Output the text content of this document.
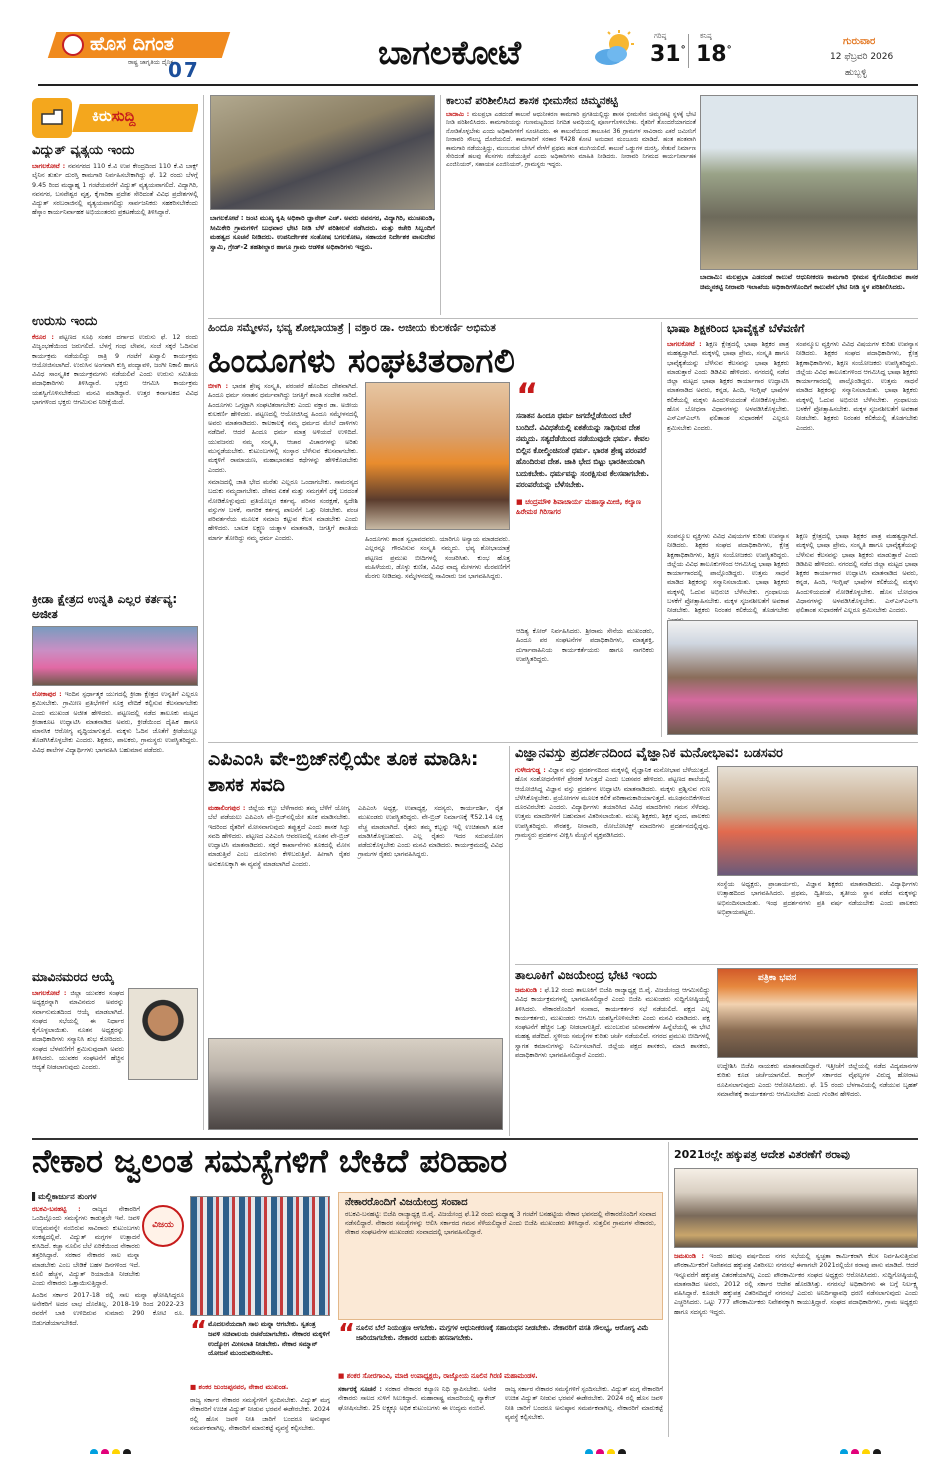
ಹೊಸ ದಿಗಂತ
ರಾಷ್ಟ್ರ ಜಾಗೃತಿಯ ದೈನಿಕ
07	ಬಾಗಲಕೋಟೆ	ಗರಿಷ್ಠ
31°
ಕನಿಷ್ಠ
18°
ಗುರುವಾರ
12 ಫೆಬ್ರವರಿ 2026
ಹುಬ್ಬಳ್ಳಿ
ಕಿರುಸುದ್ದಿ
ವಿದ್ಯುತ್ ವ್ಯತ್ಯಯ ಇಂದು
ಬಾಗಲಕೋಟೆ : ನವನಗರದ 110 ಕೆ.ವಿ ಉಪ ಕೇಂದ್ರದಿಂದ 110 ಕೆ.ವಿ ಬಾಕ್ಸ್ ಲೈನಿನ ತುರ್ತು ದುರಸ್ತಿ ಕಾಮಗಾರಿ ನಿರ್ವಹಿಸಬೇಕಾಗಿದ್ದು ಫೆ. 12 ರಂದು ಬೆಳಗ್ಗೆ 9.45 ರಿಂದ ಮಧ್ಯಾಹ್ನ 1 ಗಂಟೆಯವರೆಗೆ ವಿದ್ಯುತ್ ವ್ಯತ್ಯಯವಾಗಲಿದೆ. ವಿದ್ಯಾಗಿರಿ, ನವನಗರ, ಬಸವೇಶ್ವರ ವೃತ್ತ, ಕೈಗಾರಿಕಾ ಪ್ರದೇಶ ಸೇರಿದಂತೆ ವಿವಿಧ ಪ್ರದೇಶಗಳಲ್ಲಿ ವಿದ್ಯುತ್ ಸರಬರಾಜಿನಲ್ಲಿ ವ್ಯತ್ಯಯವಾಗಲಿದ್ದು ಸಾರ್ವಜನಿಕರು ಸಹಕರಿಸಬೇಕೆಂದು ಹೆಸ್ಕಾಂ ಕಾರ್ಯನಿರ್ವಾಹಕ ಅಭಿಯಂತರರು ಪ್ರಕಟಣೆಯಲ್ಲಿ ತಿಳಿಸಿದ್ದಾರೆ.
ಉರುಸು ಇಂದು
ಕೆರೂರ : ಪಟ್ಟಣದ ಸೂಫಿ ಸಂತರ ದರ್ಗಾದ ಉರುಸು ಫೆ. 12 ರಂದು ವಿಜೃಂಭಣೆಯಿಂದ ಜರುಗಲಿದೆ. ಬೆಳಗ್ಗೆ ಗಂಧ ಲೇಪನ, ಸಂಜೆ ಸಕ್ಕರೆ ಓದಿಸುವ ಕಾರ್ಯಕ್ರಮ ನಡೆಯಲಿದ್ದು ರಾತ್ರಿ 9 ಗಂಟೆಗೆ ಖವ್ವಾಲಿ ಕಾರ್ಯಕ್ರಮ ಆಯೋಜಿಸಲಾಗಿದೆ. ಉರುಸಿನ ಅಂಗವಾಗಿ ಕುಸ್ತಿ ಪಂದ್ಯಾವಳಿ, ಜಂಗೀ ನಿಕಾಲಿ ಹಾಗೂ ವಿವಿಧ ಸಾಂಸ್ಕೃತಿಕ ಕಾರ್ಯಕ್ರಮಗಳು ನಡೆಯಲಿವೆ ಎಂದು ಉರುಸು ಸಮಿತಿಯ ಪದಾಧಿಕಾರಿಗಳು ತಿಳಿಸಿದ್ದಾರೆ. ಭಕ್ತರು ಆಗಮಿಸಿ ಕಾರ್ಯಕ್ರಮ ಯಶಸ್ವಿಗೊಳಿಸಬೇಕೆಂದು ಮನವಿ ಮಾಡಿದ್ದಾರೆ. ಉತ್ತರ ಕರ್ನಾಟಕದ ವಿವಿಧ ಭಾಗಗಳಿಂದ ಭಕ್ತರು ಆಗಮಿಸುವ ನಿರೀಕ್ಷೆಯಿದೆ.
ಕ್ರೀಡಾ ಕ್ಷೇತ್ರದ ಉನ್ನತಿ ಎಲ್ಲರ ಕರ್ತವ್ಯ: ಅಜೀತ
ಲೋಕಾಪುರ : ಇಂದಿನ ಸ್ಪರ್ಧಾತ್ಮಕ ಯುಗದಲ್ಲಿ ಕ್ರೀಡಾ ಕ್ಷೇತ್ರದ ಉನ್ನತಿಗೆ ಎಲ್ಲರೂ ಶ್ರಮಿಸಬೇಕು. ಗ್ರಾಮೀಣ ಪ್ರತಿಭೆಗಳಿಗೆ ಸೂಕ್ತ ವೇದಿಕೆ ಕಲ್ಪಿಸುವ ಕೆಲಸವಾಗಬೇಕು ಎಂದು ಮುಖಂಡ ಅಜೀತ ಹೇಳಿದರು. ಪಟ್ಟಣದಲ್ಲಿ ನಡೆದ ತಾಲೂಕು ಮಟ್ಟದ ಕ್ರೀಡಾಕೂಟ ಉದ್ಘಾಟಿಸಿ ಮಾತನಾಡಿದ ಅವರು, ಕ್ರೀಡೆಯಿಂದ ದೈಹಿಕ ಹಾಗೂ ಮಾನಸಿಕ ಆರೋಗ್ಯ ವೃದ್ಧಿಯಾಗುತ್ತದೆ. ಮಕ್ಕಳು ಓದಿನ ಜೊತೆಗೆ ಕ್ರೀಡೆಯಲ್ಲೂ ತೊಡಗಿಸಿಕೊಳ್ಳಬೇಕು ಎಂದರು. ಶಿಕ್ಷಕರು, ಪಾಲಕರು, ಗ್ರಾಮಸ್ಥರು ಉಪಸ್ಥಿತರಿದ್ದರು. ವಿವಿಧ ಶಾಲೆಗಳ ವಿದ್ಯಾರ್ಥಿಗಳು ಭಾಗವಹಿಸಿ ಬಹುಮಾನ ಪಡೆದರು.
ಮಾವಿನಮರದ ಆಯ್ಕೆ
ಬಾಗಲಕೋಟೆ : ಜಿಲ್ಲಾ ಯುವಕರ ಸಂಘದ ಅಧ್ಯಕ್ಷರನ್ನಾಗಿ ಮಾವಿನಮರ ಅವರನ್ನು ಸರ್ವಾನುಮತದಿಂದ ಆಯ್ಕೆ ಮಾಡಲಾಗಿದೆ. ಸಂಘದ ಸಭೆಯಲ್ಲಿ ಈ ನಿರ್ಧಾರ ಕೈಗೊಳ್ಳಲಾಯಿತು. ನೂತನ ಅಧ್ಯಕ್ಷರನ್ನು ಪದಾಧಿಕಾರಿಗಳು ಸನ್ಮಾನಿಸಿ ಶುಭ ಕೋರಿದರು. ಸಂಘದ ಬೆಳವಣಿಗೆಗೆ ಶ್ರಮಿಸುವುದಾಗಿ ಅವರು ತಿಳಿಸಿದರು. ಯುವಕರ ಸಂಘಟನೆಗೆ ಹೆಚ್ಚಿನ ಆದ್ಯತೆ ನೀಡಲಾಗುವುದು ಎಂದರು.
ಬಾಗಲಕೋಟೆ : ಜಂಟಿ ಮುಖ್ಯ ಕೃಷಿ ಅಧಿಕಾರಿ ಜ್ಞಾನೇಶ್ ಎಚ್. ಅವರು ನವನಗರ, ವಿದ್ಯಾಗಿರಿ, ಮುಚಖಂಡಿ, ಸೀಮಿಕೇರಿ ಗ್ರಾಮಗಳಿಗೆ ಬುಧವಾರ ಭೇಟಿ ನೀಡಿ ಬೆಳೆ ಪರಿಶೀಲನೆ ನಡೆಸಿದರು. ಮತ್ತು ಕಚೇರಿ ಸಿಬ್ಬಂದಿಗೆ ಮಹತ್ವದ ಸೂಚನೆ ನೀಡಿದರು. ಉಪನಿರ್ದೇಶಕ ಸಂತೋಷ ಬಗಲಕೋಟ, ಸಹಾಯಕ ನಿರ್ದೇಶಕ ವಾಸುದೇವ ಸ್ವಾಮಿ, ಗ್ರೇಡ್-2 ತಹಶೀಲ್ದಾರ ಹಾಗೂ ಗ್ರಾಮ ಆಡಳಿತ ಅಧಿಕಾರಿಗಳು ಇದ್ದರು.
ಕಾಲುವೆ ಪರಿಶೀಲಿಸಿದ ಶಾಸಕ ಭೀಮಸೇನ ಚಿಮ್ಮನಕಟ್ಟಿ
ಬಾದಾಮಿ : ಮಲಪ್ರಭಾ ಎಡದಂಡೆ ಕಾಲುವೆ ಆಧುನೀಕರಣ ಕಾಮಗಾರಿ ಪ್ರಗತಿಯಲ್ಲಿದ್ದು ಶಾಸಕ ಭೀಮಸೇನ ಚಿಮ್ಮನಕಟ್ಟಿ ಸ್ಥಳಕ್ಕೆ ಭೇಟಿ ನೀಡಿ ಪರಿಶೀಲಿಸಿದರು. ಕಾಮಗಾರಿಯನ್ನು ಗುಣಮಟ್ಟದಿಂದ ನಿಗದಿತ ಅವಧಿಯಲ್ಲಿ ಪೂರ್ಣಗೊಳಿಸಬೇಕು. ರೈತರಿಗೆ ತೊಂದರೆಯಾಗದಂತೆ ನೋಡಿಕೊಳ್ಳಬೇಕು ಎಂದು ಅಧಿಕಾರಿಗಳಿಗೆ ಸೂಚಿಸಿದರು. ಈ ಕಾಲುವೆಯಿಂದ ತಾಲೂಕಿನ 36 ಗ್ರಾಮಗಳ ಸಾವಿರಾರು ಎಕರೆ ಜಮೀನಿಗೆ ನೀರಾವರಿ ಸೌಲಭ್ಯ ದೊರೆಯಲಿದೆ. ಕಾಮಗಾರಿಗೆ ಸರಕಾರ ₹428 ಕೋಟಿ ಅನುದಾನ ಮಂಜೂರು ಮಾಡಿದೆ. ಹಂತ ಹಂತವಾಗಿ ಕಾಮಗಾರಿ ನಡೆಯುತ್ತಿದ್ದು, ಮುಂಬರುವ ಬೇಸಿಗೆ ವೇಳೆಗೆ ಪ್ರಥಮ ಹಂತ ಮುಗಿಯಲಿದೆ. ಕಾಲುವೆ ಒಡ್ಡುಗಳ ದುರಸ್ತಿ, ಸೇತುವೆ ನಿರ್ಮಾಣ ಸೇರಿದಂತೆ ಹಲವು ಕೆಲಸಗಳು ನಡೆಯುತ್ತಿವೆ ಎಂದು ಅಧಿಕಾರಿಗಳು ಮಾಹಿತಿ ನೀಡಿದರು. ನೀರಾವರಿ ನಿಗಮದ ಕಾರ್ಯನಿರ್ವಾಹಕ ಎಂಜಿನಿಯರ್, ಸಹಾಯಕ ಎಂಜಿನಿಯರ್, ಗ್ರಾಮಸ್ಥರು ಇದ್ದರು.
ಬಾದಾಮಿ: ಮಲಪ್ರಭಾ ಎಡದಂಡೆ ಕಾಲುವೆ ಆಧುನೀಕರಣ ಕಾಮಗಾರಿ ಭೀಮನ ಕೈಗೊಂಡಿರುವ ಶಾಸಕ ಚಿಮ್ಮನಕಟ್ಟಿ ನೀರಾವರಿ ಇಲಾಖೆಯ ಅಧಿಕಾರಿಗಳೊಂದಿಗೆ ಕಾಲುವೆಗೆ ಭೇಟಿ ನೀಡಿ ಸ್ಥಳ ಪರಿಶೀಲಿಸಿದರು.
ಹಿಂದೂ ಸಮ್ಮೇಳನ, ಭವ್ಯ ಶೋಭಾಯಾತ್ರೆ | ವಕ್ತಾರ ಡಾ. ಅಜೀಯ ಕುಲಕರ್ಣಿ ಅಭಿಮತ
ಹಿಂದೂಗಳು ಸಂಘಟಿತರಾಗಲಿ
ಬೀಳಗಿ : ಭಾರತ ಶ್ರೇಷ್ಠ ಸಂಸ್ಕೃತಿ, ಪರಂಪರೆ ಹೊಂದಿದ ದೇಶವಾಗಿದೆ. ಹಿಂದೂ ಧರ್ಮ ಸನಾತನ ಧರ್ಮವಾಗಿದ್ದು ಜಗತ್ತಿಗೆ ಶಾಂತಿ ಸಂದೇಶ ಸಾರಿದೆ. ಹಿಂದೂಗಳು ಒಗ್ಗಟ್ಟಾಗಿ ಸಂಘಟಿತರಾಗಬೇಕು ಎಂದು ವಕ್ತಾರ ಡಾ. ಅಜೀಯ ಕುಲಕರ್ಣಿ ಹೇಳಿದರು. ಪಟ್ಟಣದಲ್ಲಿ ಆಯೋಜಿಸಿದ್ದ ಹಿಂದೂ ಸಮ್ಮೇಳನದಲ್ಲಿ ಅವರು ಮಾತನಾಡಿದರು. ಕಾಲಕಾಲಕ್ಕೆ ನಮ್ಮ ಧರ್ಮದ ಮೇಲೆ ದಾಳಿಗಳು ನಡೆದಿವೆ. ಆದರೆ ಹಿಂದೂ ಧರ್ಮ ಮಾತ್ರ ಅಳಿಯದೆ ಉಳಿದಿದೆ. ಯುವಜನರು ನಮ್ಮ ಸಂಸ್ಕೃತಿ, ಆಚಾರ ವಿಚಾರಗಳನ್ನು ಅರಿತು ಮುನ್ನಡೆಯಬೇಕು. ಕುಟುಂಬಗಳಲ್ಲಿ ಸಂಸ್ಕಾರ ಬೆಳೆಸುವ ಕೆಲಸವಾಗಬೇಕು. ಮಕ್ಕಳಿಗೆ ರಾಮಾಯಣ, ಮಹಾಭಾರತದ ಕಥೆಗಳನ್ನು ಹೇಳಿಕೊಡಬೇಕು ಎಂದರು.

ಸಮಾಜದಲ್ಲಿ ಜಾತಿ ಭೇದ ಮರೆತು ಎಲ್ಲರೂ ಒಂದಾಗಬೇಕು. ಸಾಮರಸ್ಯದ ಬದುಕು ನಮ್ಮದಾಗಬೇಕು. ದೇಶದ ಏಕತೆ ಮತ್ತು ಸಮಗ್ರತೆಗೆ ಧಕ್ಕೆ ಬರದಂತೆ ನೋಡಿಕೊಳ್ಳುವುದು ಪ್ರತಿಯೊಬ್ಬರ ಕರ್ತವ್ಯ. ಪರಿಸರ ಸಂರಕ್ಷಣೆ, ಸ್ವದೇಶಿ ವಸ್ತುಗಳ ಬಳಕೆ, ನಾಗರಿಕ ಕರ್ತವ್ಯ ಪಾಲನೆಗೆ ಒತ್ತು ನೀಡಬೇಕು. ಪಂಚ ಪರಿವರ್ತನೆಯ ಮೂಲಕ ಸಮಾಜ ಕಟ್ಟುವ ಕೆಲಸ ಮಾಡಬೇಕು ಎಂದು ಹೇಳಿದರು. ಬಾಲಕ ಲಕ್ಷ್ಮಣ ಯತ್ನಾಳ ಮಾತನಾಡಿ, ಜಗತ್ತಿಗೆ ಶಾಂತಿಯ ಮಾರ್ಗ ತೋರಿದ್ದು ನಮ್ಮ ಧರ್ಮ ಎಂದರು.	ಹಿಂದೂಗಳು ಶಾಂತ ಸ್ವಭಾವದವರು. ಯಾರಿಗೂ ಅನ್ಯಾಯ ಮಾಡದವರು. ಎಲ್ಲರನ್ನೂ ಗೌರವಿಸುವ ಸಂಸ್ಕೃತಿ ನಮ್ಮದು. ಭವ್ಯ ಶೋಭಾಯಾತ್ರೆ ಪಟ್ಟಣದ ಪ್ರಮುಖ ಬೀದಿಗಳಲ್ಲಿ ಸಂಚರಿಸಿತು. ಕುಂಭ ಹೊತ್ತ ಮಹಿಳೆಯರು, ಡೊಳ್ಳು ಕುಣಿತ, ವಿವಿಧ ವಾದ್ಯ ಮೇಳಗಳು ಮೆರವಣಿಗೆಗೆ ಮೆರಗು ನೀಡಿದವು. ಸಮ್ಮೇಳನದಲ್ಲಿ ಸಾವಿರಾರು ಜನ ಭಾಗವಹಿಸಿದ್ದರು.
ಆದಿತ್ಯ ಕೋರ್ ನಿರ್ವಹಿಸಿದರು. ಶ್ರೀರಾಮ ಸೇನೆಯ ಮುಖಂಡರು, ಹಿಂದೂ ಪರ ಸಂಘಟನೆಗಳ ಪದಾಧಿಕಾರಿಗಳು, ಮಾತೃಶಕ್ತಿ, ದುರ್ಗಾವಾಹಿನಿಯ ಕಾರ್ಯಕರ್ತೆಯರು ಹಾಗೂ ನಾಗರಿಕರು ಉಪಸ್ಥಿತರಿದ್ದರು.
“
ಸನಾತನ ಹಿಂದೂ ಧರ್ಮ ಜಗದೆಲ್ಲೆಡೆಯಿಂದ ಬೇರೆ ಬಂದಿದೆ. ವಿವಿಧತೆಯಲ್ಲಿ ಏಕತೆಯನ್ನು ಸಾಧಿಸುವ ದೇಶ ನಮ್ಮದು. ಸತ್ಯದೆಡೆಯಿಂದ ನಡೆಯುವುದೇ ಧರ್ಮ. ಕೇವಲ ಬಿಲ್ಲಿನ ಕೋಲ್ಮಿಂಚಿನಂತೆ ಧರ್ಮ. ಭಾರತ ಶ್ರೇಷ್ಠ ಪರಂಪರೆ ಹೊಂದಿರುವ ದೇಶ. ಜಾತಿ ಭೇದ ಬಿಟ್ಟು ಭಾರತೀಯರಾಗಿ ಬದುಕಬೇಕು. ಧರ್ಮವನ್ನು ಸಂರಕ್ಷಿಸುವ ಕೆಲಸವಾಗಬೇಕು. ಪರಂಪರೆಯನ್ನು ಬೆಳೆಸಬೇಕು.
■ ಚಂದ್ರಮೌಳಿ ಶಿವಾಚಾರ್ಯ ಮಹಾಸ್ವಾಮೀಜಿ, ಕಲ್ಯಾಣ ಹಿರೇಮಠ ಗಿರಿಸಾಗರ
ಭಾಷಾ ಶಿಕ್ಷಕರಿಂದ ಭಾವೈಕ್ಯತೆ ಬೆಳೆವಣಿಗೆ
ಬಾಗಲಕೋಟೆ : ಶಿಕ್ಷಣ ಕ್ಷೇತ್ರದಲ್ಲಿ ಭಾಷಾ ಶಿಕ್ಷಕರ ಪಾತ್ರ ಮಹತ್ವದ್ದಾಗಿದೆ. ಮಕ್ಕಳಲ್ಲಿ ಭಾಷಾ ಪ್ರೇಮ, ಸಂಸ್ಕೃತಿ ಹಾಗೂ ಭಾವೈಕ್ಯತೆಯನ್ನು ಬೆಳೆಸುವ ಕೆಲಸವನ್ನು ಭಾಷಾ ಶಿಕ್ಷಕರು ಮಾಡುತ್ತಾರೆ ಎಂದು ಡಿಡಿಪಿಐ ಹೇಳಿದರು. ನಗರದಲ್ಲಿ ನಡೆದ ಜಿಲ್ಲಾ ಮಟ್ಟದ ಭಾಷಾ ಶಿಕ್ಷಕರ ಕಾರ್ಯಾಗಾರ ಉದ್ಘಾಟಿಸಿ ಮಾತನಾಡಿದ ಅವರು, ಕನ್ನಡ, ಹಿಂದಿ, ಇಂಗ್ಲಿಷ್ ಭಾಷೆಗಳ ಕಲಿಕೆಯಲ್ಲಿ ಮಕ್ಕಳು ಹಿಂದುಳಿಯದಂತೆ ನೋಡಿಕೊಳ್ಳಬೇಕು. ಹೊಸ ಬೋಧನಾ ವಿಧಾನಗಳನ್ನು ಅಳವಡಿಸಿಕೊಳ್ಳಬೇಕು. ಎಸ್ಎಸ್ಎಲ್‌ಸಿ ಫಲಿತಾಂಶ ಸುಧಾರಣೆಗೆ ಎಲ್ಲರೂ ಶ್ರಮಿಸಬೇಕು ಎಂದರು.
ಸಂಪನ್ಮೂಲ ವ್ಯಕ್ತಿಗಳು ವಿವಿಧ ವಿಷಯಗಳ ಕುರಿತು ಉಪನ್ಯಾಸ ನೀಡಿದರು. ಶಿಕ್ಷಕರ ಸಂಘದ ಪದಾಧಿಕಾರಿಗಳು, ಕ್ಷೇತ್ರ ಶಿಕ್ಷಣಾಧಿಕಾರಿಗಳು, ಶಿಕ್ಷಣ ಸಂಯೋಜಕರು ಉಪಸ್ಥಿತರಿದ್ದರು. ಜಿಲ್ಲೆಯ ವಿವಿಧ ತಾಲೂಕುಗಳಿಂದ ಆಗಮಿಸಿದ್ದ ಭಾಷಾ ಶಿಕ್ಷಕರು ಕಾರ್ಯಾಗಾರದಲ್ಲಿ ಪಾಲ್ಗೊಂಡಿದ್ದರು. ಉತ್ತಮ ಸಾಧನೆ ಮಾಡಿದ ಶಿಕ್ಷಕರನ್ನು ಸನ್ಮಾನಿಸಲಾಯಿತು. ಭಾಷಾ ಶಿಕ್ಷಕರು ಮಕ್ಕಳಲ್ಲಿ ಓದುವ ಅಭಿರುಚಿ ಬೆಳೆಸಬೇಕು. ಗ್ರಂಥಾಲಯ ಬಳಕೆಗೆ ಪ್ರೋತ್ಸಾಹಿಸಬೇಕು. ಮಕ್ಕಳ ಸೃಜನಶೀಲತೆಗೆ ಅವಕಾಶ ನೀಡಬೇಕು. ಶಿಕ್ಷಕರು ನಿರಂತರ ಕಲಿಕೆಯಲ್ಲಿ ತೊಡಗಬೇಕು ಎಂದರು.
ಸಂಪನ್ಮೂಲ ವ್ಯಕ್ತಿಗಳು ವಿವಿಧ ವಿಷಯಗಳ ಕುರಿತು ಉಪನ್ಯಾಸ ನೀಡಿದರು. ಶಿಕ್ಷಕರ ಸಂಘದ ಪದಾಧಿಕಾರಿಗಳು, ಕ್ಷೇತ್ರ ಶಿಕ್ಷಣಾಧಿಕಾರಿಗಳು, ಶಿಕ್ಷಣ ಸಂಯೋಜಕರು ಉಪಸ್ಥಿತರಿದ್ದರು. ಜಿಲ್ಲೆಯ ವಿವಿಧ ತಾಲೂಕುಗಳಿಂದ ಆಗಮಿಸಿದ್ದ ಭಾಷಾ ಶಿಕ್ಷಕರು ಕಾರ್ಯಾಗಾರದಲ್ಲಿ ಪಾಲ್ಗೊಂಡಿದ್ದರು. ಉತ್ತಮ ಸಾಧನೆ ಮಾಡಿದ ಶಿಕ್ಷಕರನ್ನು ಸನ್ಮಾನಿಸಲಾಯಿತು. ಭಾಷಾ ಶಿಕ್ಷಕರು ಮಕ್ಕಳಲ್ಲಿ ಓದುವ ಅಭಿರುಚಿ ಬೆಳೆಸಬೇಕು. ಗ್ರಂಥಾಲಯ ಬಳಕೆಗೆ ಪ್ರೋತ್ಸಾಹಿಸಬೇಕು. ಮಕ್ಕಳ ಸೃಜನಶೀಲತೆಗೆ ಅವಕಾಶ ನೀಡಬೇಕು. ಶಿಕ್ಷಕರು ನಿರಂತರ ಕಲಿಕೆಯಲ್ಲಿ ತೊಡಗಬೇಕು
ಶಿಕ್ಷಣ ಕ್ಷೇತ್ರದಲ್ಲಿ ಭಾಷಾ ಶಿಕ್ಷಕರ ಪಾತ್ರ ಮಹತ್ವದ್ದಾಗಿದೆ. ಮಕ್ಕಳಲ್ಲಿ ಭಾಷಾ ಪ್ರೇಮ, ಸಂಸ್ಕೃತಿ ಹಾಗೂ ಭಾವೈಕ್ಯತೆಯನ್ನು ಬೆಳೆಸುವ ಕೆಲಸವನ್ನು ಭಾಷಾ ಶಿಕ್ಷಕರು ಮಾಡುತ್ತಾರೆ ಎಂದು ಡಿಡಿಪಿಐ ಹೇಳಿದರು. ನಗರದಲ್ಲಿ ನಡೆದ ಜಿಲ್ಲಾ ಮಟ್ಟದ ಭಾಷಾ ಶಿಕ್ಷಕರ ಕಾರ್ಯಾಗಾರ ಉದ್ಘಾಟಿಸಿ ಮಾತನಾಡಿದ ಅವರು, ಕನ್ನಡ, ಹಿಂದಿ, ಇಂಗ್ಲಿಷ್ ಭಾಷೆಗಳ ಕಲಿಕೆಯಲ್ಲಿ ಮಕ್ಕಳು ಹಿಂದುಳಿಯದಂತೆ ನೋಡಿಕೊಳ್ಳಬೇಕು. ಹೊಸ ಬೋಧನಾ ವಿಧಾನಗಳನ್ನು ಅಳವಡಿಸಿಕೊಳ್ಳಬೇಕು. ಎಸ್ಎಸ್ಎಲ್‌ಸಿ ಫಲಿತಾಂಶ ಸುಧಾರಣೆಗೆ ಎಲ್ಲರೂ ಶ್ರಮಿಸಬೇಕು ಎಂದರು.
ಎಪಿಎಂಸಿ ವೇ-ಬ್ರಿಜ್‌ನಲ್ಲಿಯೇ ತೂಕ ಮಾಡಿಸಿ: ಶಾಸಕ ಸವದಿ
ಮಹಾಲಿಂಗಪುರ : ಜಿಲ್ಲೆಯ ಕಬ್ಬು ಬೆಳೆಗಾರರು ತಮ್ಮ ಬೆಳೆಗೆ ಯೋಗ್ಯ ಬೆಲೆ ಪಡೆಯಲು ಎಪಿಎಂಸಿ ವೇ-ಬ್ರಿಜ್‌ನಲ್ಲಿಯೇ ತೂಕ ಮಾಡಿಸಬೇಕು. ಇದರಿಂದ ರೈತರಿಗೆ ಮೋಸವಾಗುವುದು ತಪ್ಪುತ್ತದೆ ಎಂದು ಶಾಸಕ ಸಿದ್ದು ಸವದಿ ಹೇಳಿದರು. ಪಟ್ಟಣದ ಎಪಿಎಂಸಿ ಆವರಣದಲ್ಲಿ ನೂತನ ವೇ-ಬ್ರಿಜ್ ಉದ್ಘಾಟಿಸಿ ಮಾತನಾಡಿದರು. ಸಕ್ಕರೆ ಕಾರ್ಖಾನೆಗಳು ತೂಕದಲ್ಲಿ ಮೋಸ ಮಾಡುತ್ತಿವೆ ಎಂಬ ದೂರುಗಳು ಕೇಳಿಬರುತ್ತಿವೆ. ಹೀಗಾಗಿ ರೈತರ ಅನುಕೂಲಕ್ಕಾಗಿ ಈ ವ್ಯವಸ್ಥೆ ಮಾಡಲಾಗಿದೆ ಎಂದರು.
ಎಪಿಎಂಸಿ ಅಧ್ಯಕ್ಷ, ಉಪಾಧ್ಯಕ್ಷ, ಸದಸ್ಯರು, ಕಾರ್ಯದರ್ಶಿ, ರೈತ ಮುಖಂಡರು ಉಪಸ್ಥಿತರಿದ್ದರು. ವೇ-ಬ್ರಿಜ್ ನಿರ್ಮಾಣಕ್ಕೆ ₹52.14 ಲಕ್ಷ ವೆಚ್ಚ ಮಾಡಲಾಗಿದೆ. ರೈತರು ತಮ್ಮ ಕಬ್ಬನ್ನು ಇಲ್ಲಿ ಉಚಿತವಾಗಿ ತೂಕ ಮಾಡಿಸಿಕೊಳ್ಳಬಹುದು. ಎಲ್ಲ ರೈತರು ಇದರ ಸದುಪಯೋಗ ಪಡೆದುಕೊಳ್ಳಬೇಕು ಎಂದು ಮನವಿ ಮಾಡಿದರು. ಕಾರ್ಯಕ್ರಮದಲ್ಲಿ ವಿವಿಧ ಗ್ರಾಮಗಳ ರೈತರು ಭಾಗವಹಿಸಿದ್ದರು.
ವಿಜ್ಞಾನವಸ್ತು ಪ್ರದರ್ಶನದಿಂದ ವೈಜ್ಞಾನಿಕ ಮನೋಭಾವ: ಬಡಸವರ
ಗುಳೇದಗುಡ್ಡ : ವಿಜ್ಞಾನ ವಸ್ತು ಪ್ರದರ್ಶನದಿಂದ ಮಕ್ಕಳಲ್ಲಿ ವೈಜ್ಞಾನಿಕ ಮನೋಭಾವ ಬೆಳೆಯುತ್ತದೆ. ಹೊಸ ಸಂಶೋಧನೆಗಳಿಗೆ ಪ್ರೇರಣೆ ಸಿಗುತ್ತದೆ ಎಂದು ಬಡಸವರ ಹೇಳಿದರು. ಪಟ್ಟಣದ ಶಾಲೆಯಲ್ಲಿ ಆಯೋಜಿಸಿದ್ದ ವಿಜ್ಞಾನ ವಸ್ತು ಪ್ರದರ್ಶನ ಉದ್ಘಾಟಿಸಿ ಮಾತನಾಡಿದರು. ಮಕ್ಕಳು ಪ್ರಶ್ನಿಸುವ ಗುಣ ಬೆಳೆಸಿಕೊಳ್ಳಬೇಕು. ಪ್ರಯೋಗಗಳ ಮೂಲಕ ಕಲಿಕೆ ಪರಿಣಾಮಕಾರಿಯಾಗುತ್ತದೆ. ಮೂಢನಂಬಿಕೆಗಳಿಂದ ದೂರವಿರಬೇಕು ಎಂದರು. ವಿದ್ಯಾರ್ಥಿಗಳು ತಯಾರಿಸಿದ ವಿವಿಧ ಮಾದರಿಗಳು ಗಮನ ಸೆಳೆದವು. ಉತ್ತಮ ಮಾದರಿಗಳಿಗೆ ಬಹುಮಾನ ವಿತರಿಸಲಾಯಿತು. ಮುಖ್ಯ ಶಿಕ್ಷಕರು, ಶಿಕ್ಷಕ ವೃಂದ, ಪಾಲಕರು ಉಪಸ್ಥಿತರಿದ್ದರು. ಸೌರಶಕ್ತಿ, ನೀರಾವರಿ, ರೋಬೋಟಿಕ್ಸ್ ಮಾದರಿಗಳು ಪ್ರದರ್ಶನದಲ್ಲಿದ್ದವು. ಗ್ರಾಮಸ್ಥರು ಪ್ರದರ್ಶನ ವೀಕ್ಷಿಸಿ ಮೆಚ್ಚುಗೆ ವ್ಯಕ್ತಪಡಿಸಿದರು.
ಸಂಸ್ಥೆಯ ಅಧ್ಯಕ್ಷರು, ಪ್ರಾಚಾರ್ಯರು, ವಿಜ್ಞಾನ ಶಿಕ್ಷಕರು ಮಾತನಾಡಿದರು. ವಿದ್ಯಾರ್ಥಿಗಳು ಉತ್ಸಾಹದಿಂದ ಭಾಗವಹಿಸಿದರು. ಪ್ರಥಮ, ದ್ವಿತೀಯ, ತೃತೀಯ ಸ್ಥಾನ ಪಡೆದ ಮಕ್ಕಳನ್ನು ಅಭಿನಂದಿಸಲಾಯಿತು. ಇಂಥ ಪ್ರದರ್ಶನಗಳು ಪ್ರತಿ ವರ್ಷ ನಡೆಯಬೇಕು ಎಂದು ಪಾಲಕರು ಅಭಿಪ್ರಾಯಪಟ್ಟರು.
ತಾಲೂಕಿಗೆ ವಿಜಯೇಂದ್ರ ಭೇಟಿ ಇಂದು
ಜಮಖಂಡಿ : ಫೆ.12 ರಂದು ತಾಲೂಕಿಗೆ ಬಿಜೆಪಿ ರಾಜ್ಯಾಧ್ಯಕ್ಷ ಬಿ.ವೈ. ವಿಜಯೇಂದ್ರ ಆಗಮಿಸಲಿದ್ದು ವಿವಿಧ ಕಾರ್ಯಕ್ರಮಗಳಲ್ಲಿ ಭಾಗವಹಿಸಲಿದ್ದಾರೆ ಎಂದು ಬಿಜೆಪಿ ಮುಖಂಡರು ಸುದ್ದಿಗೋಷ್ಠಿಯಲ್ಲಿ ತಿಳಿಸಿದರು. ನೇಕಾರರೊಂದಿಗೆ ಸಂವಾದ, ಕಾರ್ಯಕರ್ತರ ಸಭೆ ನಡೆಯಲಿದೆ. ಪಕ್ಷದ ಎಲ್ಲ ಕಾರ್ಯಕರ್ತರು, ಮುಖಂಡರು ಆಗಮಿಸಿ ಯಶಸ್ವಿಗೊಳಿಸಬೇಕು ಎಂದು ಮನವಿ ಮಾಡಿದರು. ಪಕ್ಷ ಸಂಘಟನೆಗೆ ಹೆಚ್ಚಿನ ಒತ್ತು ನೀಡಲಾಗುತ್ತಿದೆ. ಮುಂಬರುವ ಚುನಾವಣೆಗಳ ಹಿನ್ನೆಲೆಯಲ್ಲಿ ಈ ಭೇಟಿ ಮಹತ್ವ ಪಡೆದಿದೆ. ಸ್ಥಳೀಯ ಸಮಸ್ಯೆಗಳ ಕುರಿತು ಚರ್ಚೆ ನಡೆಯಲಿದೆ. ನಗರದ ಪ್ರಮುಖ ಬೀದಿಗಳಲ್ಲಿ ಸ್ವಾಗತ ಕಮಾನುಗಳನ್ನು ನಿರ್ಮಿಸಲಾಗಿದೆ. ಜಿಲ್ಲೆಯ ಪಕ್ಷದ ಶಾಸಕರು, ಮಾಜಿ ಶಾಸಕರು, ಪದಾಧಿಕಾರಿಗಳು ಭಾಗವಹಿಸಲಿದ್ದಾರೆ ಎಂದರು.
ಪತ್ರಿಕಾ ಭವನ
ಉದ್ದೇಶಿಸಿ ಬಿಜೆಪಿ ನಾಯಕರು ಮಾತನಾಡಲಿದ್ದಾರೆ. ಇತ್ತೀಚೆಗೆ ಜಿಲ್ಲೆಯಲ್ಲಿ ನಡೆದ ವಿದ್ಯಮಾನಗಳ ಕುರಿತು ಕೂಡ ಚರ್ಚೆಯಾಗಲಿದೆ. ಕಾಂಗ್ರೆಸ್ ಸರ್ಕಾರದ ವೈಫಲ್ಯಗಳ ವಿರುದ್ಧ ಹೋರಾಟ ರೂಪಿಸಲಾಗುವುದು ಎಂದು ಆರೋಪಿಸಿದರು. ಫೆ. 15 ರಂದು ಬೆಳಗಾವಿಯಲ್ಲಿ ನಡೆಯುವ ಬೃಹತ್ ಸಮಾವೇಶಕ್ಕೆ ಕಾರ್ಯಕರ್ತರು ಆಗಮಿಸಬೇಕು ಎಂದು ಗುಂಡಿನ ಹೇಳಿದರು.
ನೇಕಾರ ಜ್ವಲಂತ ಸಮಸ್ಯೆಗಳಿಗೆ ಬೇಕಿದೆ ಪರಿಹಾರ
▌ಮಲ್ಲಿಕಾರ್ಜುನ ತುಂಗಳ
ವಿಜಯ
ರಬಕವಿ-ಬನಹಟ್ಟಿ : ರಾಜ್ಯದ ನೇಕಾರರಿಗೆ ಒಂದಿಲ್ಲೊಂದು ಸಮಸ್ಯೆಗಳು ಕಾಡುತ್ತಲೇ ಇವೆ. ಜವಳಿ ಉದ್ಯಮವನ್ನೇ ನಂಬಿರುವ ಸಾವಿರಾರು ಕುಟುಂಬಗಳು ಸಂಕಷ್ಟದಲ್ಲಿವೆ. ವಿದ್ಯುತ್ ಮಗ್ಗಗಳ ಉತ್ಪಾದನೆ ಕುಸಿದಿದೆ. ಕಚ್ಚಾ ನೂಲಿನ ಬೆಲೆ ಏರಿಕೆಯಿಂದ ನೇಕಾರರು ತತ್ತರಿಸಿದ್ದಾರೆ. ಸರಕಾರ ನೇಕಾರರ ಸಾಲ ಮನ್ನಾ ಮಾಡಬೇಕು ಎಂಬ ಬೇಡಿಕೆ ಬಹಳ ದಿನಗಳಿಂದ ಇದೆ. ಕೂಲಿ ಹೆಚ್ಚಳ, ವಿದ್ಯುತ್ ರಿಯಾಯಿತಿ ನೀಡಬೇಕು ಎಂದು ನೇಕಾರರು ಒತ್ತಾಯಿಸುತ್ತಿದ್ದಾರೆ.
ಹಿಂದಿನ ಸರ್ಕಾರ 2017-18 ರಲ್ಲಿ ಸಾಲ ಮನ್ನಾ ಘೋಷಿಸಿದ್ದರೂ ಅನೇಕರಿಗೆ ಅದರ ಲಾಭ ದೊರೆತಿಲ್ಲ. 2018-19 ರಿಂದ 2022-23 ರವರೆಗೆ ಬಾಕಿ ಉಳಿದಿರುವ ಸುಮಾರು 290 ಕೋಟಿ ರೂ. ಬಿಡುಗಡೆಯಾಗಬೇಕಿದೆ.	“ ಮೊದಲನೆಯದಾಗಿ ಸಾಲ ಮನ್ನಾ ಆಗಬೇಕು. ಸ್ವತಂತ್ರ ಜವಳಿ ಸಚಿವಾಲಯ ರಚನೆಯಾಗಬೇಕು. ನೇಕಾರರ ಮಕ್ಕಳಿಗೆ ಉದ್ಯೋಗ ಮೀಸಲಾತಿ ನೀಡಬೇಕು. ನೇಕಾರ ಸಮ್ಮಾನ್ ಯೋಜನೆ ಮುಂದುವರಿಸಬೇಕು.
■ ಶಂಕರ ಜುಂಜಪ್ಪನವರ, ನೇಕಾರ ಮುಖಂಡ.
ರಾಜ್ಯ ಸರ್ಕಾರ ನೇಕಾರರ ಸಮಸ್ಯೆಗಳಿಗೆ ಸ್ಪಂದಿಸಬೇಕು. ವಿದ್ಯುತ್ ಮಗ್ಗ ನೇಕಾರರಿಗೆ ಉಚಿತ ವಿದ್ಯುತ್ ನೀಡುವ ಭರವಸೆ ಈಡೇರಬೇಕು. 2024 ರಲ್ಲಿ ಹೊಸ ಜವಳಿ ನೀತಿ ಜಾರಿಗೆ ಬಂದರೂ ಅನುಷ್ಠಾನ ಸಮರ್ಪಕವಾಗಿಲ್ಲ. ನೇಕಾರರಿಗೆ ಮಾರುಕಟ್ಟೆ ವ್ಯವಸ್ಥೆ ಕಲ್ಪಿಸಬೇಕು.
ನೇಕಾರರೊಂದಿಗೆ ವಿಜಯೇಂದ್ರ ಸಂವಾದ
ರಬಕವಿ-ಬನಹಟ್ಟಿ: ಬಿಜೆಪಿ ರಾಜ್ಯಾಧ್ಯಕ್ಷ ಬಿ.ವೈ. ವಿಜಯೇಂದ್ರ ಫೆ.12 ರಂದು ಮಧ್ಯಾಹ್ನ 3 ಗಂಟೆಗೆ ಬನಹಟ್ಟಿಯ ನೇಕಾರ ಭವನದಲ್ಲಿ ನೇಕಾರರೊಂದಿಗೆ ಸಂವಾದ ನಡೆಸಲಿದ್ದಾರೆ. ನೇಕಾರರ ಸಮಸ್ಯೆಗಳನ್ನು ಆಲಿಸಿ ಸರ್ಕಾರದ ಗಮನ ಸೆಳೆಯಲಿದ್ದಾರೆ ಎಂದು ಬಿಜೆಪಿ ಮುಖಂಡರು ತಿಳಿಸಿದ್ದಾರೆ. ಸುತ್ತಲಿನ ಗ್ರಾಮಗಳ ನೇಕಾರರು, ನೇಕಾರ ಸಂಘಟನೆಗಳ ಮುಖಂಡರು ಸಂವಾದದಲ್ಲಿ ಭಾಗವಹಿಸಲಿದ್ದಾರೆ.
“ ನೂಲಿನ ಬೆಲೆ ನಿಯಂತ್ರಣ ಆಗಬೇಕು. ಮಗ್ಗಗಳ ಆಧುನೀಕರಣಕ್ಕೆ ಸಹಾಯಧನ ನೀಡಬೇಕು. ನೇಕಾರರಿಗೆ ವಸತಿ ಸೌಲಭ್ಯ, ಆರೋಗ್ಯ ವಿಮೆ ಜಾರಿಯಾಗಬೇಕು. ನೇಕಾರರ ಬದುಕು ಹಸನಾಗಬೇಕು.
■ ಶಂಕರ ಸೋರಗಾಂವಿ, ಮಾಜಿ ಉಪಾಧ್ಯಕ್ಷರು, ರಾಜ್ಯೋಯ ನೂಲಿನ ಗಿರಣಿ ಮಹಾಮಂಡಳ.
ಸರ್ಕಾರಕ್ಕೆ ಸೂಚನೆ : ಸರಕಾರ ನೇಕಾರರ ಕಲ್ಯಾಣ ನಿಧಿ ಸ್ಥಾಪಿಸಬೇಕು. ಅನೇಕ ನೇಕಾರರು ಸಾಲದ ಸುಳಿಗೆ ಸಿಲುಕಿದ್ದಾರೆ. ಮಹಾರಾಷ್ಟ್ರ ಮಾದರಿಯಲ್ಲಿ ಪ್ಯಾಕೇಜ್ ಘೋಷಿಸಬೇಕು. 25 ಲಕ್ಷ್ಯಕ್ಕೂ ಅಧಿಕ ಕುಟುಂಬಗಳು ಈ ಉದ್ಯಮ ನಂಬಿವೆ.
ರಾಜ್ಯ ಸರ್ಕಾರ ನೇಕಾರರ ಸಮಸ್ಯೆಗಳಿಗೆ ಸ್ಪಂದಿಸಬೇಕು. ವಿದ್ಯುತ್ ಮಗ್ಗ ನೇಕಾರರಿಗೆ ಉಚಿತ ವಿದ್ಯುತ್ ನೀಡುವ ಭರವಸೆ ಈಡೇರಬೇಕು. 2024 ರಲ್ಲಿ ಹೊಸ ಜವಳಿ ನೀತಿ ಜಾರಿಗೆ ಬಂದರೂ ಅನುಷ್ಠಾನ ಸಮರ್ಪಕವಾಗಿಲ್ಲ. ನೇಕಾರರಿಗೆ ಮಾರುಕಟ್ಟೆ ವ್ಯವಸ್ಥೆ ಕಲ್ಪಿಸಬೇಕು.
2021ರಲ್ಲೇ ಹಕ್ಕುಪತ್ರ ಆದೇಶ ವಿತರಣೆಗೆ ಠರಾವು
ಜಮಖಂಡಿ : ಇಂದು ಹಲವು ವರ್ಷದಿಂದ ನಗರ ಸಭೆಯಲ್ಲಿ ಸ್ವಚ್ಛತಾ ಕಾರ್ಮಿಕರಾಗಿ ಕೆಲಸ ನಿರ್ವಹಿಸುತ್ತಿರುವ ಪೌರಕಾರ್ಮಿಕರಿಗೆ ನಿವೇಶನದ ಹಕ್ಕುಪತ್ರ ವಿತರಿಸಲು ನಗರಸಭೆ ಈಗಾಗಲೇ 2021ರಲ್ಲಿಯೇ ಠರಾವು ಪಾಸು ಮಾಡಿದೆ. ಆದರೆ ಇನ್ನೂವರೆಗೆ ಹಕ್ಕುಪತ್ರ ವಿತರಣೆಯಾಗಿಲ್ಲ ಎಂದು ಪೌರಕಾರ್ಮಿಕರ ಸಂಘದ ಅಧ್ಯಕ್ಷರು ಆರೋಪಿಸಿದರು. ಸುದ್ದಿಗೋಷ್ಠಿಯಲ್ಲಿ ಮಾತನಾಡಿದ ಅವರು, 2012 ರಲ್ಲಿ ಸರ್ಕಾರ ಆದೇಶ ಹೊರಡಿಸಿತ್ತು. ನಗರಸಭೆ ಅಧಿಕಾರಿಗಳು ಈ ಬಗ್ಗೆ ನಿರ್ಲಕ್ಷ್ಯ ವಹಿಸಿದ್ದಾರೆ. ಕೂಡಲೇ ಹಕ್ಕುಪತ್ರ ವಿತರಿಸದಿದ್ದರೆ ನಗರಸಭೆ ಎದುರು ಅನಿರ್ದಿಷ್ಟಾವಧಿ ಧರಣಿ ನಡೆಸಲಾಗುವುದು ಎಂದು ಎಚ್ಚರಿಸಿದರು. ಒಟ್ಟು 777 ಪೌರಕಾರ್ಮಿಕರು ನಿವೇಶನಕ್ಕಾಗಿ ಕಾಯುತ್ತಿದ್ದಾರೆ. ಸಂಘದ ಪದಾಧಿಕಾರಿಗಳು, ಗ್ರಾಮ ಅಧ್ಯಕ್ಷರು ಹಾಗೂ ಸದಸ್ಯರು ಇದ್ದರು.
